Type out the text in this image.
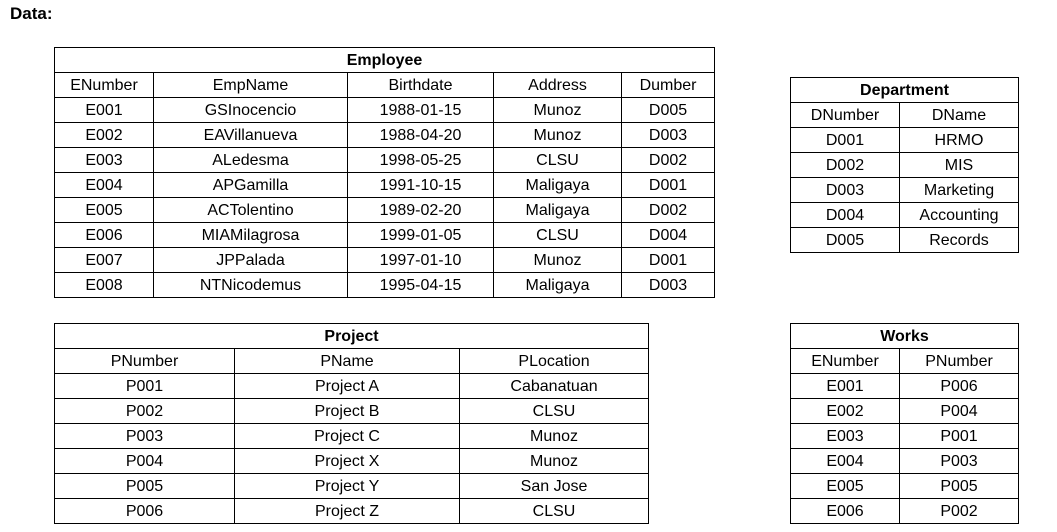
Data:
Employee				
ENumber	EmpName	Birthdate	Address	Dumber
E001	GSInocencio	1988-01-15	Munoz	D005
E002	EAVillanueva	1988-04-20	Munoz	D003
E003	ALedesma	1998-05-25	CLSU	D002
E004	APGamilla	1991-10-15	Maligaya	D001
E005	ACTolentino	1989-02-20	Maligaya	D002
E006	MIAMilagrosa	1999-01-05	CLSU	D004
E007	JPPalada	1997-01-10	Munoz	D001
E008	NTNicodemus	1995-04-15	Maligaya	D003
Department	
DNumber	DName
D001	HRMO
D002	MIS
D003	Marketing
D004	Accounting
D005	Records
Project		
PNumber	PName	PLocation
P001	Project A	Cabanatuan
P002	Project B	CLSU
P003	Project C	Munoz
P004	Project X	Munoz
P005	Project Y	San Jose
P006	Project Z	CLSU
Works	
ENumber	PNumber
E001	P006
E002	P004
E003	P001
E004	P003
E005	P005
E006	P002
